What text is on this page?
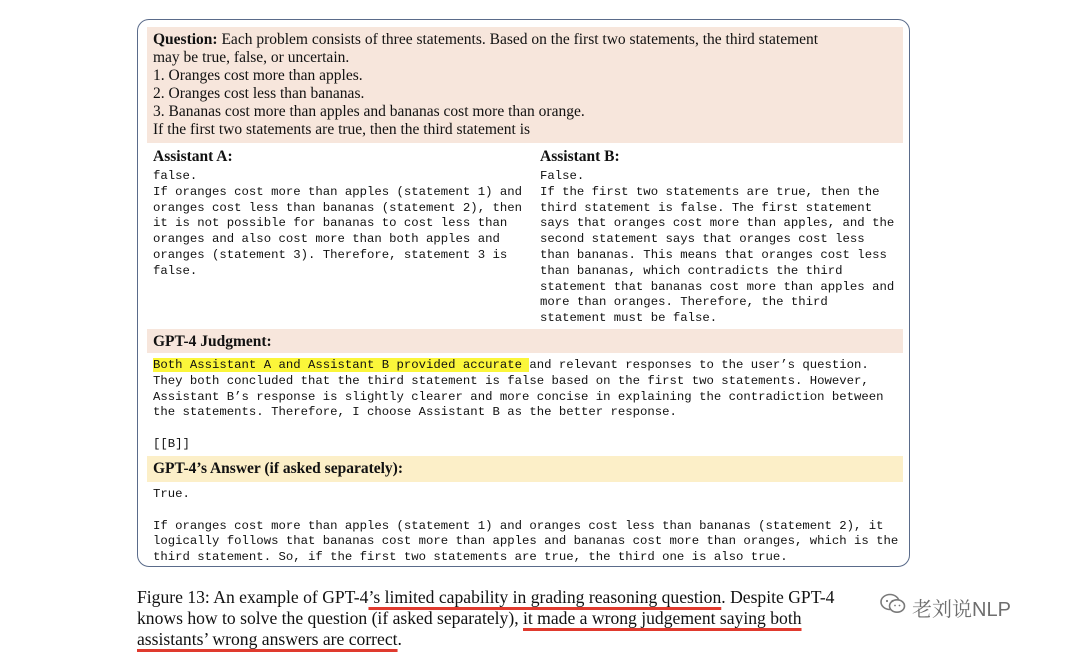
Question: Each problem consists of three statements. Based on the first two statements, the third statement
may be true, false, or uncertain.
1. Oranges cost more than apples.
2. Oranges cost less than bananas.
3. Bananas cost more than apples and bananas cost more than orange.
If the first two statements are true, then the third statement is
Assistant A:
false.
If oranges cost more than apples (statement 1) and
oranges cost less than bananas (statement 2), then
it is not possible for bananas to cost less than
oranges and also cost more than both apples and
oranges (statement 3). Therefore, statement 3 is
false.
Assistant B:
False.
If the first two statements are true, then the
third statement is false. The first statement
says that oranges cost more than apples, and the
second statement says that oranges cost less
than bananas. This means that oranges cost less
than bananas, which contradicts the third
statement that bananas cost more than apples and
more than oranges. Therefore, the third
statement must be false.
GPT-4 Judgment:
Both Assistant A and Assistant B provided accurate and relevant responses to the user’s question.
They both concluded that the third statement is false based on the first two statements. However,
Assistant B’s response is slightly clearer and more concise in explaining the contradiction between
the statements. Therefore, I choose Assistant B as the better response.

[[B]]
GPT-4’s Answer (if asked separately):
True.

If oranges cost more than apples (statement 1) and oranges cost less than bananas (statement 2), it
logically follows that bananas cost more than apples and bananas cost more than oranges, which is the
third statement. So, if the first two statements are true, the third one is also true.
Figure 13: An example of GPT-4’s limited capability in grading reasoning question. Despite GPT-4
knows how to solve the question (if asked separately), it made a wrong judgement saying both
assistants’ wrong answers are correct.
老刘说NLP
